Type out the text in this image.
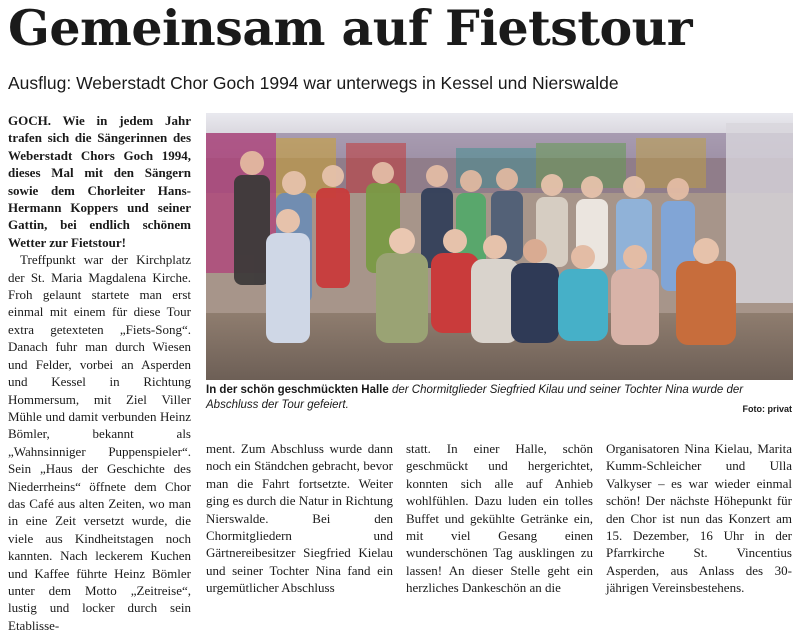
Gemeinsam auf Fietstour
Ausflug: Weberstadt Chor Goch 1994 war unterwegs in Kessel und Nierswalde

GOCH. Wie in jedem Jahr trafen sich die Sängerinnen des Weberstadt Chors Goch 1994, dieses Mal mit den Sängern sowie dem Chorleiter Hans-Hermann Koppers und seiner Gattin, bei endlich schönem Wetter zur Fietstour!

Treffpunkt war der Kirchplatz der St. Maria Magdalena Kirche. Froh gelaunt startete man erst einmal mit einem für diese Tour extra getexteten „Fiets-Song“. Danach fuhr man durch Wiesen und Felder, vorbei an Asperden und Kessel in Richtung Hommersum, mit Ziel Viller Mühle und damit verbunden Heinz Bömler, bekannt als „Wahnsinniger Puppenspieler“. Sein „Haus der Geschichte des Niederrheins“ öffnete dem Chor das Café aus alten Zeiten, wo man in eine Zeit versetzt wurde, die viele aus Kindheitstagen noch kannten. Nach leckerem Kuchen und Kaffee führte Heinz Bömler unter dem Motto „Zeitreise“, lustig und locker durch sein Etablisse-

In der schön geschmückten Halle der Chormitglieder Siegfried Kilau und seiner Tochter Nina wurde der Abschluss der Tour gefeiert.	Foto: privat

ment. Zum Abschluss wurde dann noch ein Ständchen gebracht, bevor man die Fahrt fortsetzte. Weiter ging es durch die Natur in Richtung Nierswalde. Bei den Chormitgliedern und Gärtnereibesitzer Siegfried Kielau und seiner Tochter Nina fand ein urgemütlicher Abschluss

statt. In einer Halle, schön geschmückt und hergerichtet, konnten sich alle auf Anhieb wohlfühlen. Dazu luden ein tolles Buffet und gekühlte Getränke ein, mit viel Gesang einen wunderschönen Tag ausklingen zu lassen! An dieser Stelle geht ein herzliches Dankeschön an die

Organisatoren Nina Kielau, Marita Kumm-Schleicher und Ulla Valkyser – es war wieder einmal schön! Der nächste Höhepunkt für den Chor ist nun das Konzert am 15. Dezember, 16 Uhr in der Pfarrkirche St. Vincentius Asperden, aus Anlass des 30-jährigen Vereinsbestehens.
